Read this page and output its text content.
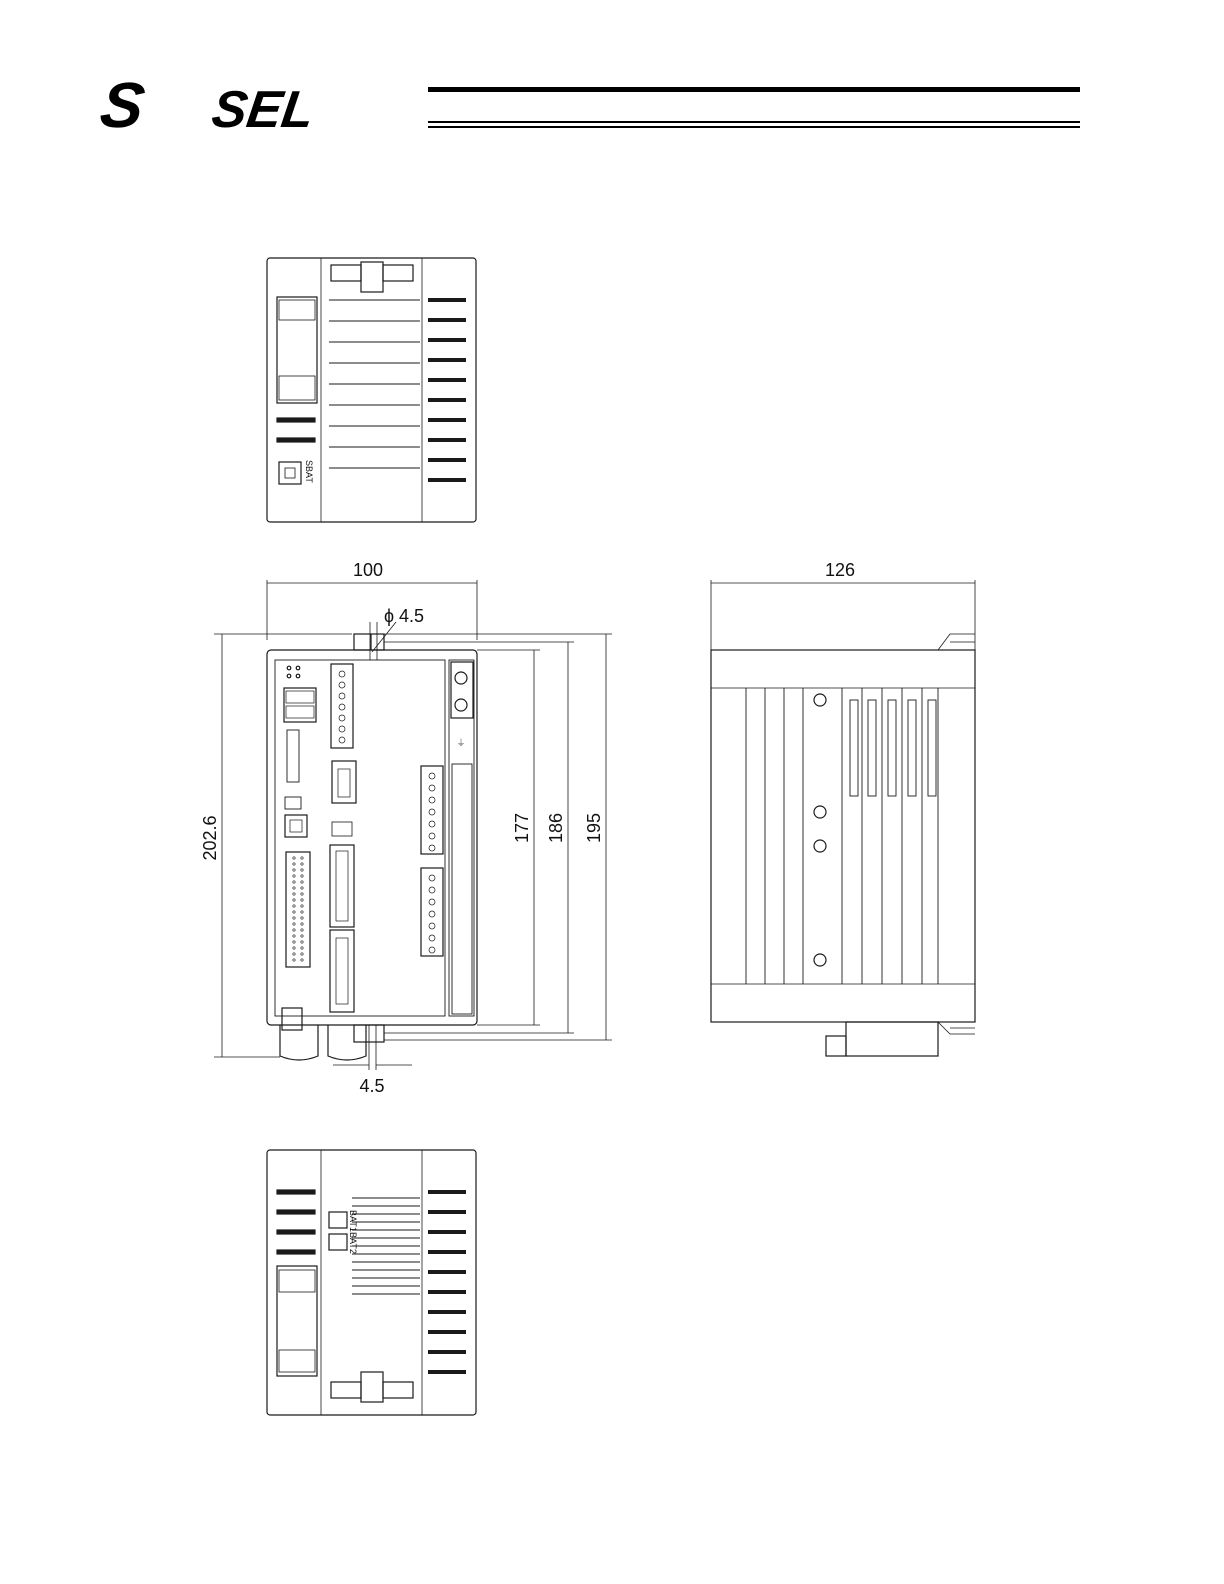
S SEL
SBAT
100
ϕ 4.5
202.6	177 186 195
4.5
⏚
126
BAT1
BAT2
